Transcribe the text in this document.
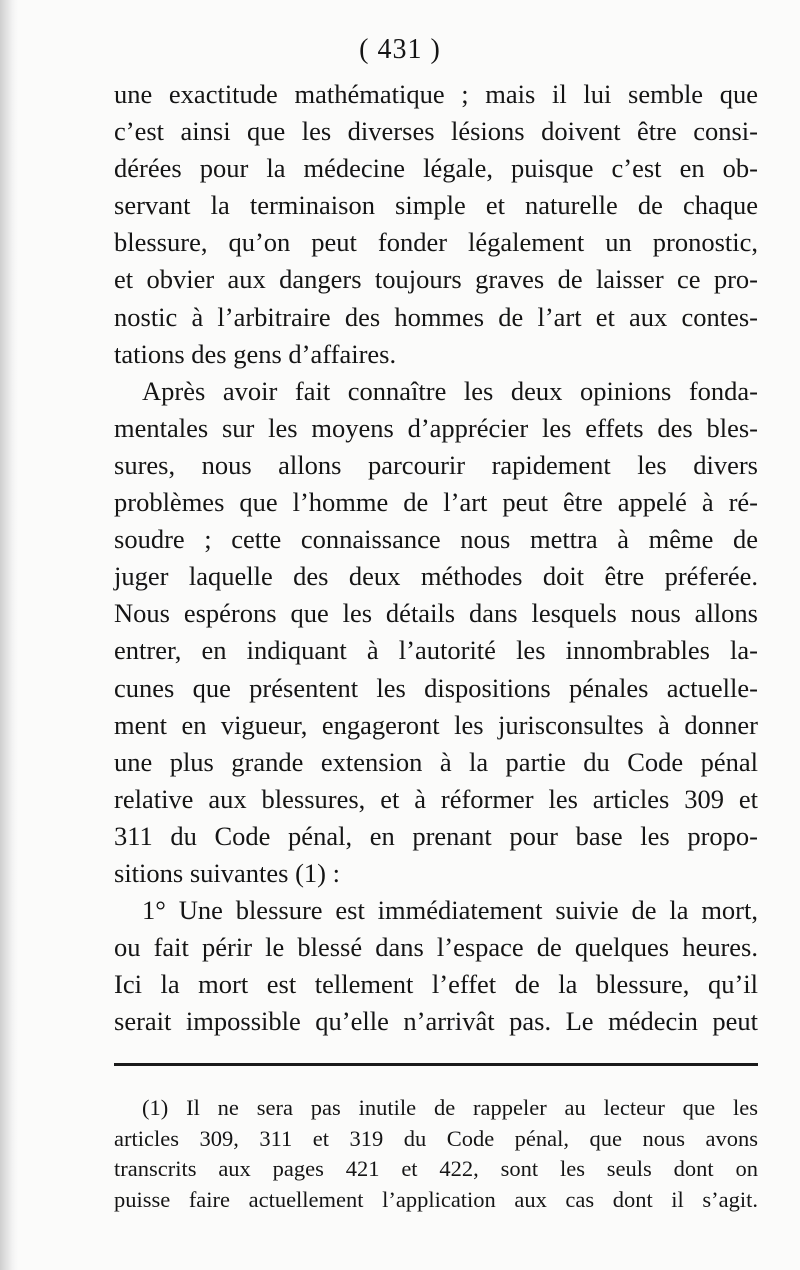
( 431 )
une exactitude mathématique ; mais il lui semble que
c’est ainsi que les diverses lésions doivent être consi-
dérées pour la médecine légale, puisque c’est en ob-
servant la terminaison simple et naturelle de chaque
blessure, qu’on peut fonder légalement un pronostic,
et obvier aux dangers toujours graves de laisser ce pro-
nostic à l’arbitraire des hommes de l’art et aux contes-
tations des gens d’affaires.
Après avoir fait connaître les deux opinions fonda-
mentales sur les moyens d’apprécier les effets des bles-
sures, nous allons parcourir rapidement les divers
problèmes que l’homme de l’art peut être appelé à ré-
soudre ; cette connaissance nous mettra à même de
juger laquelle des deux méthodes doit être préferée.
Nous espérons que les détails dans lesquels nous allons
entrer, en indiquant à l’autorité les innombrables la-
cunes que présentent les dispositions pénales actuelle-
ment en vigueur, engageront les jurisconsultes à donner
une plus grande extension à la partie du Code pénal
relative aux blessures, et à réformer les articles 309 et
311 du Code pénal, en prenant pour base les propo-
sitions suivantes (1) :
1° Une blessure est immédiatement suivie de la mort,
ou fait périr le blessé dans l’espace de quelques heures.
Ici la mort est tellement l’effet de la blessure, qu’il
serait impossible qu’elle n’arrivât pas. Le médecin peut
(1) Il ne sera pas inutile de rappeler au lecteur que les
articles 309, 311 et 319 du Code pénal, que nous avons
transcrits aux pages 421 et 422, sont les seuls dont on
puisse faire actuellement l’application aux cas dont il s’agit.
